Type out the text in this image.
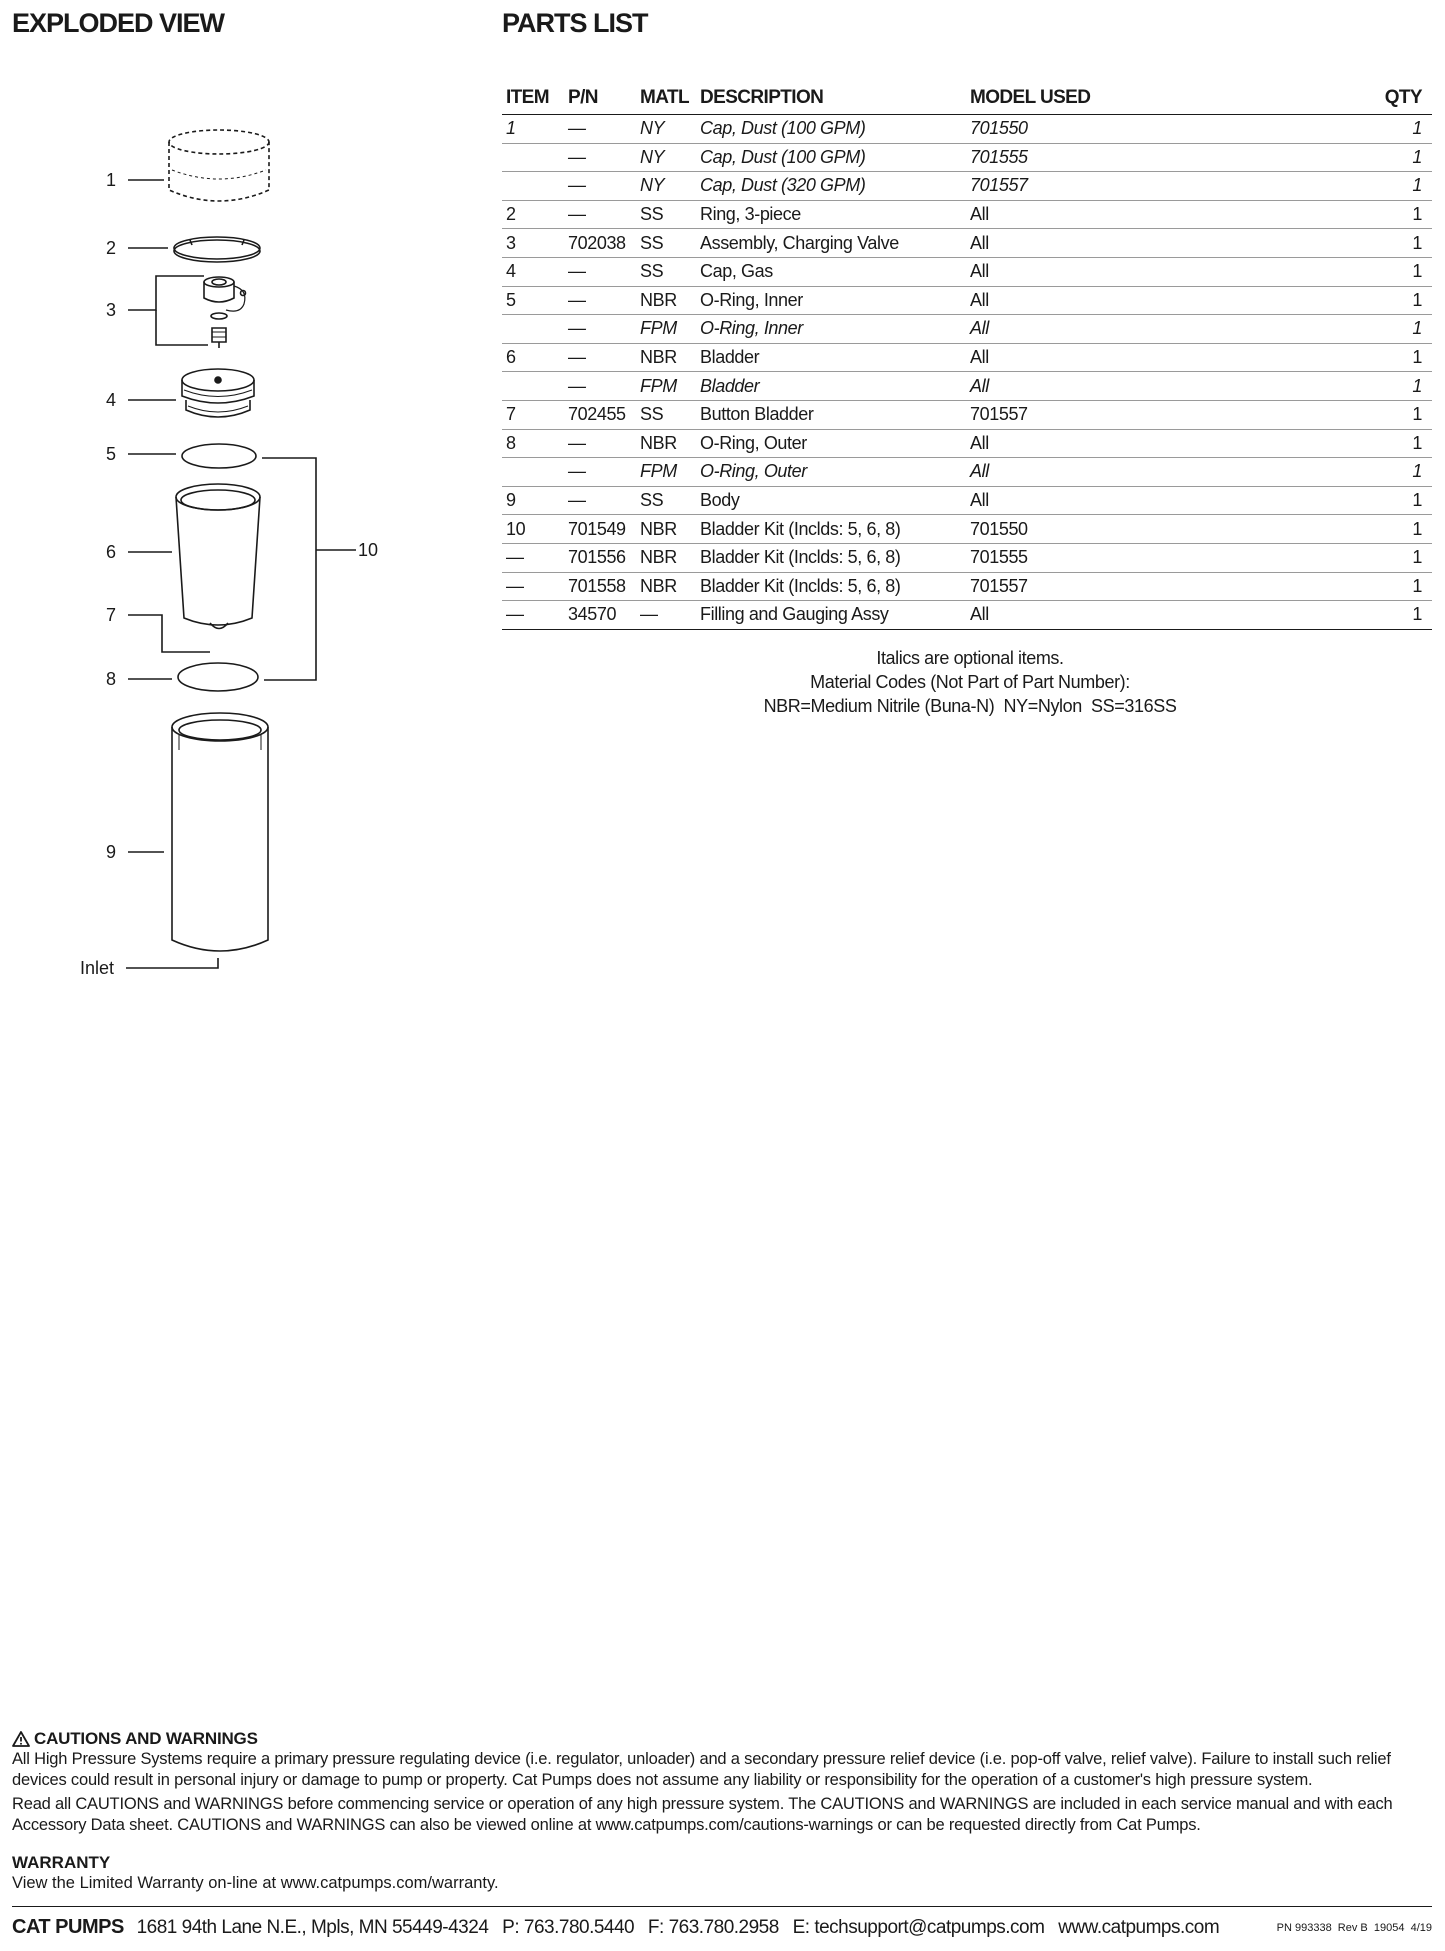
EXPLODED VIEW	PARTS LIST
1
2
3
4
5
6
7
8
9
10
Inlet
ITEM	P/N	MATL	DESCRIPTION	MODEL USED	QTY
1	—	NY	Cap, Dust (100 GPM)	701550	1
	—	NY	Cap, Dust (100 GPM)	701555	1
	—	NY	Cap, Dust (320 GPM)	701557	1
2	—	SS	Ring, 3-piece	All	1
3	702038	SS	Assembly, Charging Valve	All	1
4	—	SS	Cap, Gas	All	1
5	—	NBR	O-Ring, Inner	All	1
	—	FPM	O-Ring, Inner	All	1
6	—	NBR	Bladder	All	1
	—	FPM	Bladder	All	1
7	702455	SS	Button Bladder	701557	1
8	—	NBR	O-Ring, Outer	All	1
	—	FPM	O-Ring, Outer	All	1
9	—	SS	Body	All	1
10	701549	NBR	Bladder Kit (Inclds: 5, 6, 8)	701550	1
—	701556	NBR	Bladder Kit (Inclds: 5, 6, 8)	701555	1
—	701558	NBR	Bladder Kit (Inclds: 5, 6, 8)	701557	1
—	34570	—	Filling and Gauging Assy	All	1
Italics are optional items.
Material Codes (Not Part of Part Number):
NBR=Medium Nitrile (Buna-N)  NY=Nylon  SS=316SS
CAUTIONS AND WARNINGS

All High Pressure Systems require a primary pressure regulating device (i.e. regulator, unloader) and a secondary pressure relief device (i.e. pop-off valve, relief valve). Failure to install such relief devices could result in personal injury or damage to pump or property. Cat Pumps does not assume any liability or responsibility for the operation of a customer's high pressure system.

Read all CAUTIONS and WARNINGS before commencing service or operation of any high pressure system. The CAUTIONS and WARNINGS are included in each service manual and with each Accessory Data sheet. CAUTIONS and WARNINGS can also be viewed online at www.catpumps.com/cautions-warnings or can be requested directly from Cat Pumps.

WARRANTY

View the Limited Warranty on-line at www.catpumps.com/warranty.

CAT PUMPS 1681 94th Lane N.E., Mpls, MN 55449-4324 P: 763.780.5440 F: 763.780.2958 E: techsupport@catpumps.com www.catpumps.com	PN 993338  Rev B  19054  4/19
